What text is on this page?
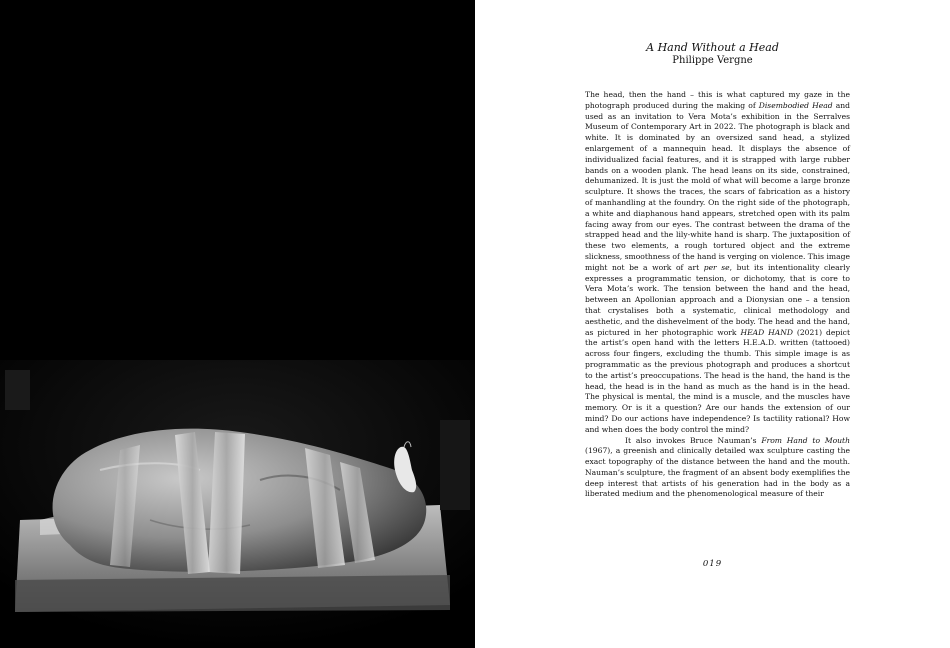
A Hand Without a Head
Philippe Vergne

The head, then the hand – this is what captured my gaze in the photograph produced during the making of Disembodied Head and used as an invitation to Vera Mota’s exhibition in the Serralves Museum of Contemporary Art in 2022. The photograph is black and white. It is dominated by an oversized sand head, a stylized enlargement of a mannequin head. It displays the absence of individualized facial features, and it is strapped with large rubber bands on a wooden plank. The head leans on its side, constrained, dehumanized. It is just the mold of what will become a large bronze sculpture. It shows the traces, the scars of fabrication as a history of manhandling at the foundry. On the right side of the photograph, a white and diaphanous hand appears, stretched open with its palm facing away from our eyes. The contrast between the drama of the strapped head and the lily-white hand is sharp. The juxtaposition of these two elements, a rough tortured object and the extreme slickness, smoothness of the hand is verging on violence. This image might not be a work of art per se, but its intentionality clearly expresses a programmatic tension, or dichotomy, that is core to Vera Mota’s work. The tension between the hand and the head, between an Apollonian approach and a Dionysian one – a tension that crystalises both a systematic, clinical methodology and aesthetic, and the dishevelment of the body. The head and the hand, as pictured in her photographic work HEAD HAND (2021) depict the artist’s open hand with the letters H.E.A.D. written (tattooed) across four fingers, excluding the thumb. This simple image is as programmatic as the previous photograph and produces a shortcut to the artist’s preoccupations. The head is the hand, the hand is the head, the head is in the hand as much as the hand is in the head. The physical is mental, the mind is a muscle, and the muscles have memory. Or is it a question? Are our hands the extension of our mind? Do our actions have independence? Is tactility rational? How and when does the body control the mind?

It also invokes Bruce Nauman’s From Hand to Mouth (1967), a greenish and clinically detailed wax sculpture casting the exact topography of the distance between the hand and the mouth. Nauman’s sculpture, the fragment of an absent body exemplifies the deep interest that artists of his generation had in the body as a liberated medium and the phenomenological measure of their

019
